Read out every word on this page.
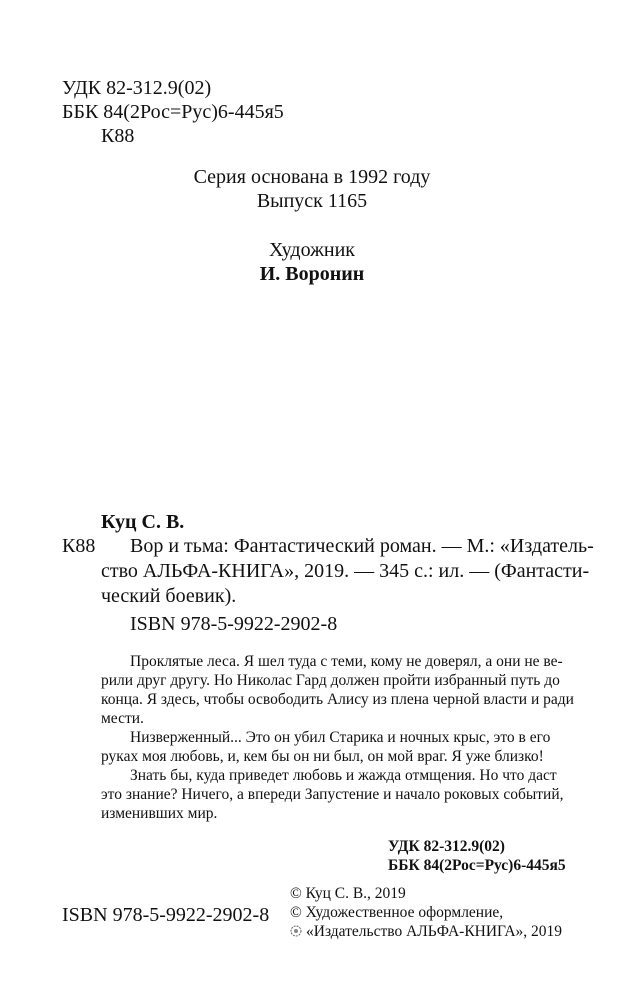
УДК 82-312.9(02)
ББК 84(2Рос=Рус)6-445я5
К88
Серия основана в 1992 году
Выпуск 1165
Художник
И. Воронин
Куц С. В.
К88 Вор и тьма: Фантастический роман. — М.: «Издатель-
ство АЛЬФА-КНИГА», 2019. — 345 с.: ил. — (Фантасти-
ческий боевик).
ISBN 978-5-9922-2902-8
Проклятые леса. Я шел туда с теми, кому не доверял, а они не ве-
рили друг другу. Но Николас Гард должен пройти избранный путь до
конца. Я здесь, чтобы освободить Алису из плена черной власти и ради
мести.
Низверженный... Это он убил Старика и ночных крыс, это в его
руках моя любовь, и, кем бы он ни был, он мой враг. Я уже близко!
Знать бы, куда приведет любовь и жажда отмщения. Но что даст
это знание? Ничего, а впереди Запустение и начало роковых событий,
изменивших мир.
УДК 82-312.9(02)
ББК 84(2Рос=Рус)6-445я5
ISBN 978-5-9922-2902-8
© Куц С. В., 2019
© Художественное оформление,
«Издательство АЛЬФА-КНИГА», 2019
